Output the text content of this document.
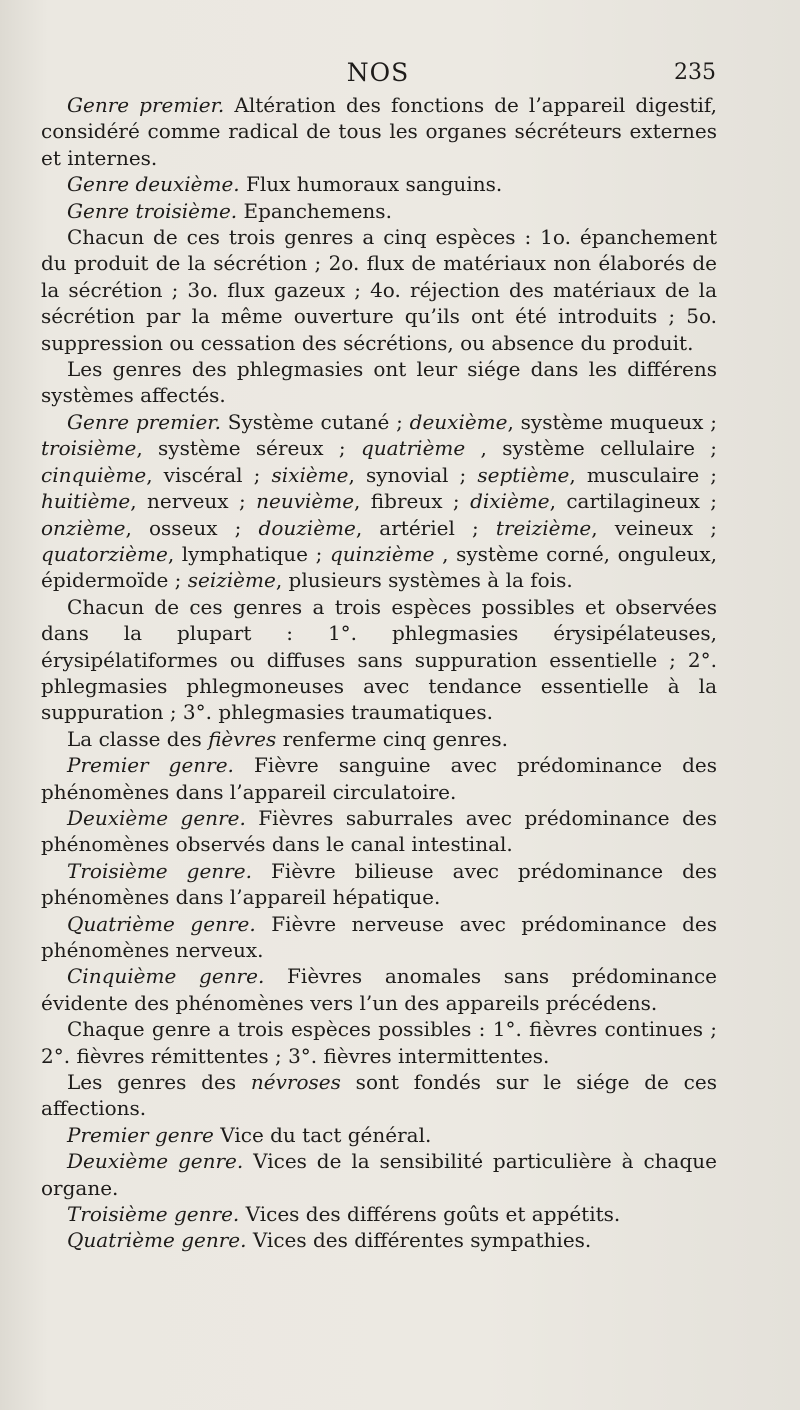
NOS	235

Genre premier. Altération des fonctions de l’appareil digestif, considéré comme radical de tous les organes sécréteurs externes et internes.

Genre deuxième. Flux humoraux sanguins.

Genre troisième. Epanchemens.

Chacun de ces trois genres a cinq espèces : 1o. épanchement du produit de la sécrétion ; 2o. flux de matériaux non élaborés de la sécrétion ; 3o. flux gazeux ; 4o. réjection des matériaux de la sécrétion par la même ouverture qu’ils ont été introduits ; 5o. suppression ou cessation des sécrétions, ou absence du produit.

Les genres des phlegmasies ont leur siége dans les différens systèmes affectés.

Genre premier. Système cutané ; deuxième, système muqueux ; troisième, système séreux ; quatrième , système cellulaire ; cinquième, viscéral ; sixième, synovial ; septième, musculaire ; huitième, nerveux ; neuvième, fibreux ; dixième, cartilagineux ; onzième, osseux ; douzième, artériel ; treizième, veineux ; quatorzième, lymphatique ; quinzième , système corné, onguleux, épidermoïde ; seizième, plusieurs systèmes à la fois.

Chacun de ces genres a trois espèces possibles et observées dans la plupart : 1°. phlegmasies érysipélateuses, érysipélatiformes ou diffuses sans suppuration essentielle ; 2°. phlegmasies phlegmoneuses avec tendance essentielle à la suppuration ; 3°. phlegmasies traumatiques.

La classe des fièvres renferme cinq genres.

Premier genre. Fièvre sanguine avec prédominance des phénomènes dans l’appareil circulatoire.

Deuxième genre. Fièvres saburrales avec prédominance des phénomènes observés dans le canal intestinal.

Troisième genre. Fièvre bilieuse avec prédominance des phénomènes dans l’appareil hépatique.

Quatrième genre. Fièvre nerveuse avec prédominance des phénomènes nerveux.

Cinquième genre. Fièvres anomales sans prédominance évidente des phénomènes vers l’un des appareils précédens.

Chaque genre a trois espèces possibles : 1°. fièvres continues ; 2°. fièvres rémittentes ; 3°. fièvres intermittentes.

Les genres des névroses sont fondés sur le siége de ces affections.

Premier genre Vice du tact général.

Deuxième genre. Vices de la sensibilité particulière à chaque organe.

Troisième genre. Vices des différens goûts et appétits.

Quatrième genre. Vices des différentes sympathies.
